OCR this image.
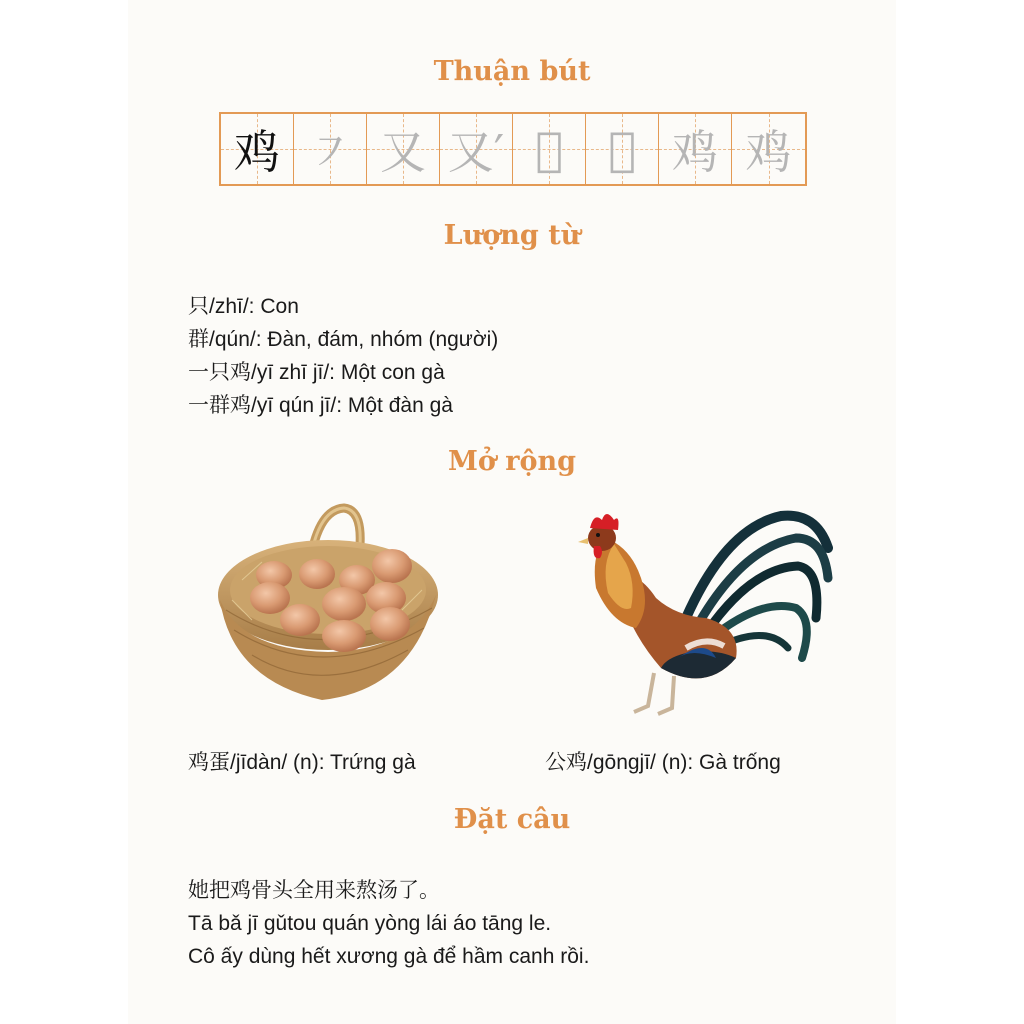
Thuận bút
鸡 ㇇ 又 又′ 𪜀 𪜀 鸡 鸡
Lượng từ
只/zhī/: Con
群/qún/: Đàn, đám, nhóm (người)
一只鸡/yī zhī jī/: Một con gà
一群鸡/yī qún jī/: Một đàn gà
Mở rộng
鸡蛋/jīdàn/ (n): Trứng gà	公鸡/gōngjī/ (n): Gà trống
Đặt câu
她把鸡骨头全用来熬汤了。
Tā bǎ jī gǔtou quán yòng lái áo tāng le.
Cô ấy dùng hết xương gà để hầm canh rồi.
